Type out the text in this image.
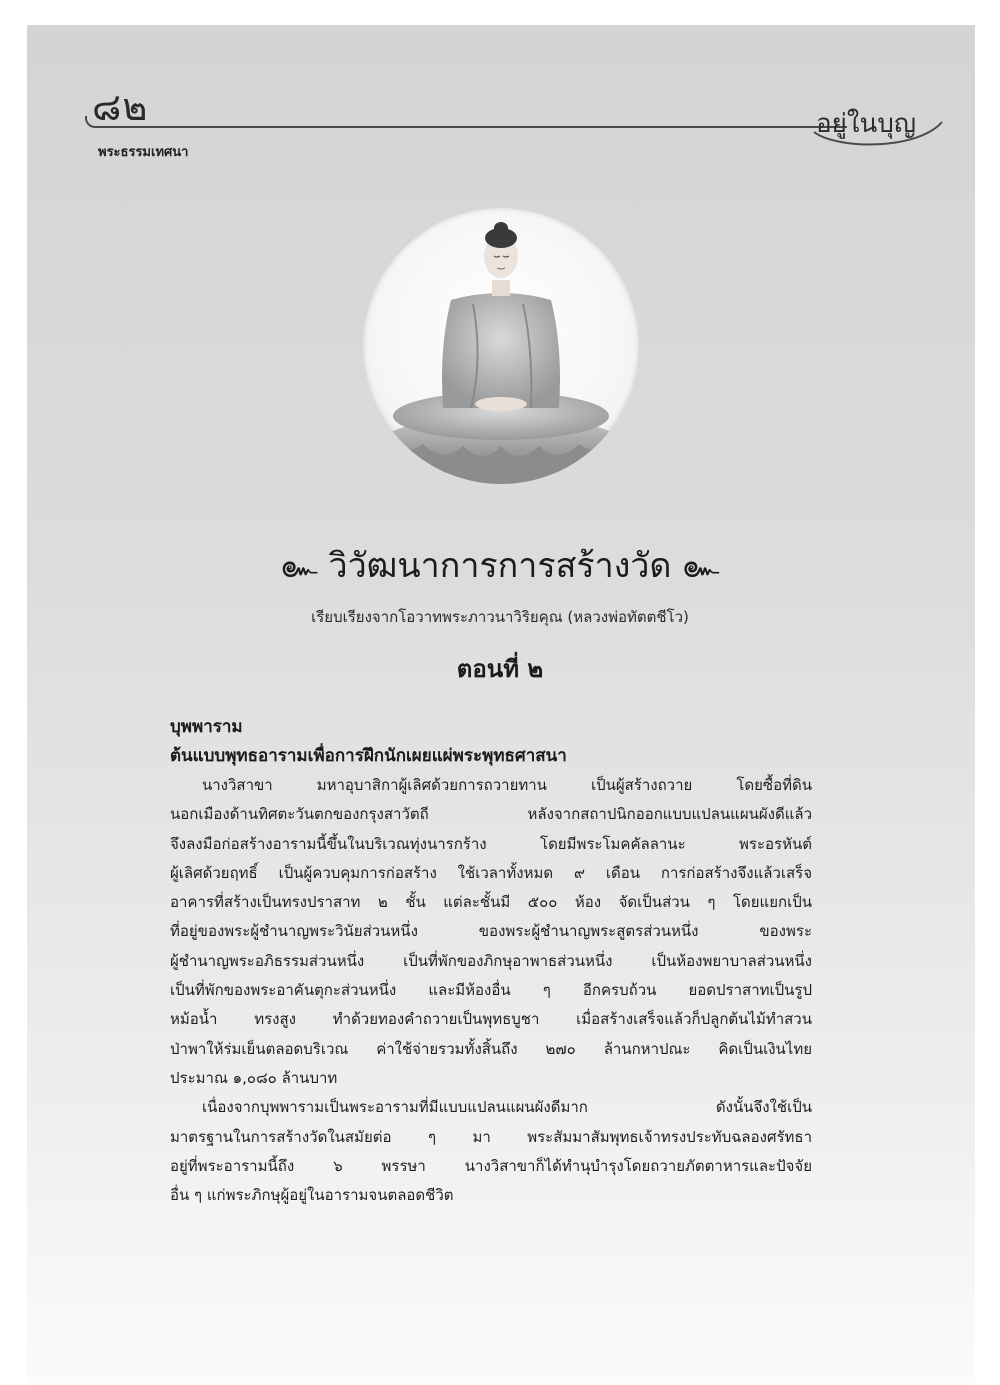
๘๒	อยู่ในบุญ
พระธรรมเทศนา
๛ วิวัฒนาการการสร้างวัด ๛
เรียบเรียงจากโอวาทพระภาวนาวิริยคุณ (หลวงพ่อทัตตชีโว)
ตอนที่ ๒
บุพพาราม
ต้นแบบพุทธอารามเพื่อการฝึกนักเผยแผ่พระพุทธศาสนา
นางวิสาขา มหาอุบาสิกาผู้เลิศด้วยการถวายทาน เป็นผู้สร้างถวาย โดยซื้อที่ดิน
นอกเมืองด้านทิศตะวันตกของกรุงสาวัตถี หลังจากสถาปนิกออกแบบแปลนแผนผังดีแล้ว
จึงลงมือก่อสร้างอารามนี้ขึ้นในบริเวณทุ่งนารกร้าง โดยมีพระโมคคัลลานะ พระอรหันต์
ผู้เลิศด้วยฤทธิ์ เป็นผู้ควบคุมการก่อสร้าง ใช้เวลาทั้งหมด ๙ เดือน การก่อสร้างจึงแล้วเสร็จ
อาคารที่สร้างเป็นทรงปราสาท ๒ ชั้น แต่ละชั้นมี ๕๐๐ ห้อง จัดเป็นส่วน ๆ โดยแยกเป็น
ที่อยู่ของพระผู้ชำนาญพระวินัยส่วนหนึ่ง ของพระผู้ชำนาญพระสูตรส่วนหนึ่ง ของพระ
ผู้ชำนาญพระอภิธรรมส่วนหนึ่ง เป็นที่พักของภิกษุอาพาธส่วนหนึ่ง เป็นห้องพยาบาลส่วนหนึ่ง
เป็นที่พักของพระอาคันตุกะส่วนหนึ่ง และมีห้องอื่น ๆ อีกครบถ้วน ยอดปราสาทเป็นรูป
หม้อน้ำ ทรงสูง ทำด้วยทองคำถวายเป็นพุทธบูชา เมื่อสร้างเสร็จแล้วก็ปลูกต้นไม้ทำสวน
ป่าพาให้ร่มเย็นตลอดบริเวณ ค่าใช้จ่ายรวมทั้งสิ้นถึง ๒๗๐ ล้านกหาปณะ คิดเป็นเงินไทย
ประมาณ ๑,๐๘๐ ล้านบาท
เนื่องจากบุพพารามเป็นพระอารามที่มีแบบแปลนแผนผังดีมาก ดังนั้นจึงใช้เป็น
มาตรฐานในการสร้างวัดในสมัยต่อ ๆ มา พระสัมมาสัมพุทธเจ้าทรงประทับฉลองศรัทธา
อยู่ที่พระอารามนี้ถึง ๖ พรรษา นางวิสาขาก็ได้ทำนุบำรุงโดยถวายภัตตาหารและปัจจัย
อื่น ๆ แก่พระภิกษุผู้อยู่ในอารามจนตลอดชีวิต
